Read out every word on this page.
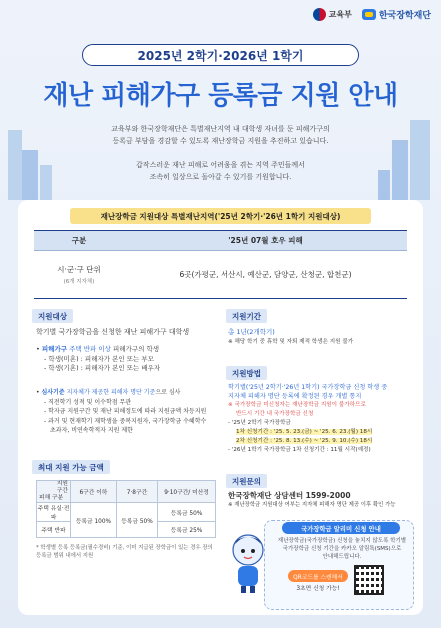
교육부	한국장학재단
2025년 2학기·2026년 1학기
재난 피해가구 등록금 지원 안내
교육부와 한국장학재단은 특별재난지역 내 대학생 자녀를 둔 피해가구의
등록금 부담을 경감할 수 있도록 재난장학금 지원을 추진하고 있습니다.
갑작스러운 재난 피해로 어려움을 겪는 지역 주민들께서
조속히 일상으로 돌아갈 수 있기를 기원합니다.
재난장학금 지원대상 특별재난지역('25년 2학기·'26년 1학기 지원대상)
구분	'25년 07월 호우 피해
시·군·구 단위
(6개 지자체)	6곳(가평군, 서산시, 예산군, 담양군, 산청군, 합천군)
지원대상
학기별 국가장학금을 신청한 재난 피해가구 대학생
• 피해가구 주택 반파 이상 피해가구의 학생
- 학생(미혼) : 피해자가 본인 또는 부모
- 학생(기혼) : 피해자가 본인 또는 배우자
• 심사기준 지자체가 제공한 피해자 명단 기준으로 심사
- 직전학기 성적 및 이수학점 무관
- 학자금 지원구간 및 재난 피해정도에 따라 지원금액 차등지원
- 과거 및 현재학기 재학생을 중복지원자, 국가장학금 수혜학수
초과자, 비연속학적자 지원 제한
최대 지원 가능 금액
지원
구간
피해 구분	6구간 이하	7·8구간	9·10구간/ 미산정
주택 유실·전파	등록금 100%	등록금 50%	등록금 50%
주택 반파			등록금 25%
* 학생별 등록 등록금(필수경비) 기준, 이미 지급된 장학금이 있는 경우 장의 등록금 범위 내에서 지원
지원기간
총 1년(2개학기)
※ 해당 학기 중 휴학 및 자퇴 제적 학생은 지원 불가
지원방법
학기별('25년 2학기·'26년 1학기) 국가장학금 신청 학생 중
지자체 피해자 명단 등록에 확정된 경우 개별 통지
※ 국가장학금 미신청자는 재난장학금 지원이 불가하므로
반드시 기간 내 국가장학금 신청
- '25년 2학기 국가장학금
1차 신청기간 : '25. 5. 23.(금) ~ '25. 6. 23.(월) 18시
2차 신청기간 : '25. 8. 13.(수) ~ '25. 9. 10.(수) 18시
- '26년 1학기 국가장학금 1차 신청기간 : 11월 시작(예정)
지원문의
한국장학재단 상담센터 1599-2000
※ 재난장학금 지원대상 여부는 지자체 피해자 명단 제공 이후 확인 가능
국가장학금 알리미 신청 안내
재난장학금(국가장학금) 신청을 놓치지 않도록 학기별
국가장학금 신청 기간을 카카오 알림톡(SMS)으로
안내해드립니다.
QR코드를 스캔해서
3초면 신청 가능!
